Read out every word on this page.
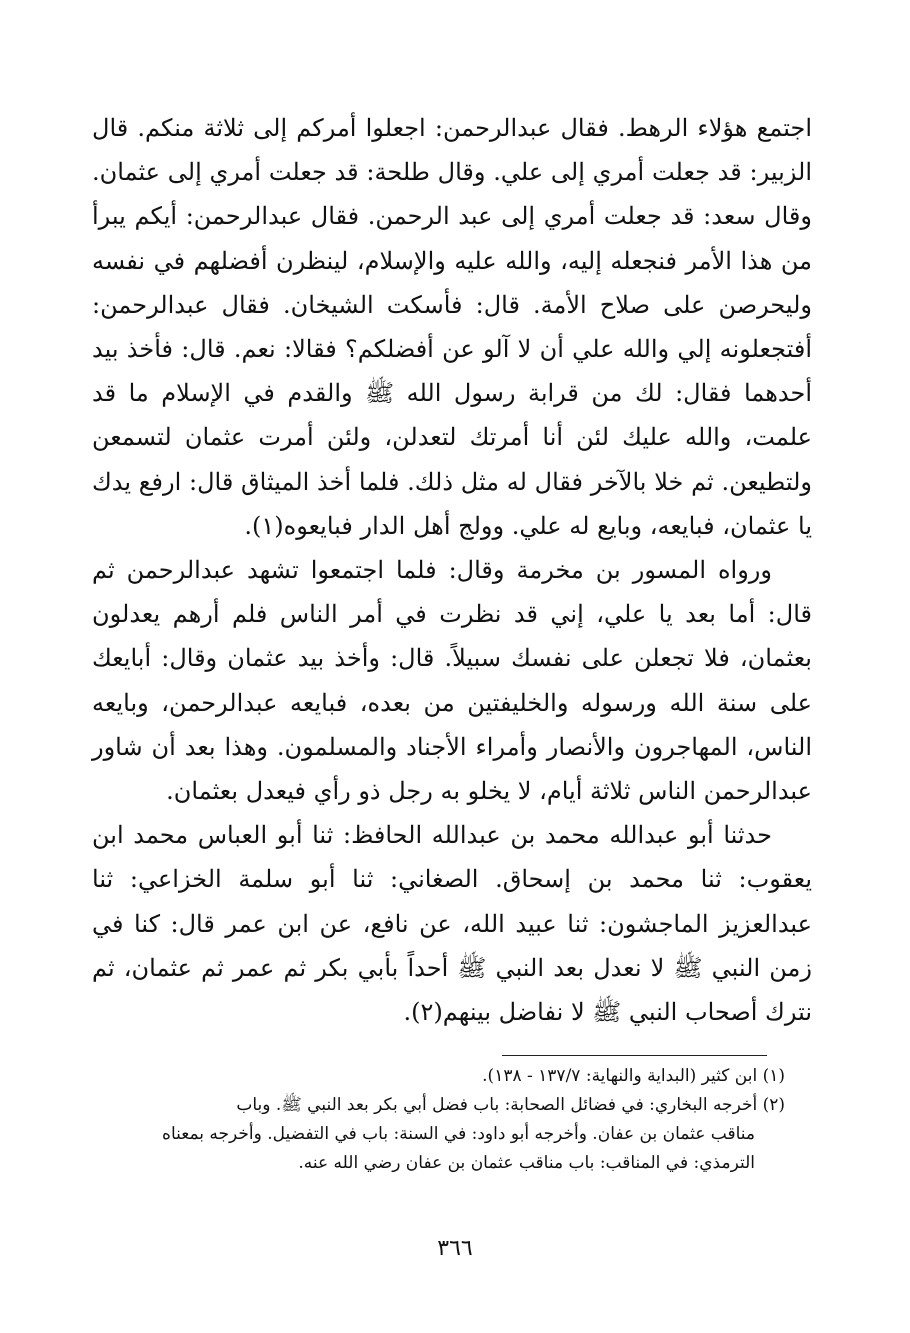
اجتمع هؤلاء الرهط. فقال عبدالرحمن: اجعلوا أمركم إلى ثلاثة منكم. قال الزبير: قد جعلت أمري إلى علي. وقال طلحة: قد جعلت أمري إلى عثمان. وقال سعد: قد جعلت أمري إلى عبد الرحمن. فقال عبدالرحمن: أيكم يبرأ من هذا الأمر فنجعله إليه، والله عليه والإسلام، لينظرن أفضلهم في نفسه وليحرصن على صلاح الأمة. قال: فأسكت الشيخان. فقال عبدالرحمن: أفتجعلونه إلي والله علي أن لا آلو عن أفضلكم؟ فقالا: نعم. قال: فأخذ بيد أحدهما فقال: لك من قرابة رسول الله ﷺ والقدم في الإسلام ما قد علمت، والله عليك لئن أنا أمرتك لتعدلن، ولئن أمرت عثمان لتسمعن ولتطيعن. ثم خلا بالآخر فقال له مثل ذلك. فلما أخذ الميثاق قال: ارفع يدك يا عثمان، فبايعه، وبايع له علي. وولج أهل الدار فبايعوه(١).

ورواه المسور بن مخرمة وقال: فلما اجتمعوا تشهد عبدالرحمن ثم قال: أما بعد يا علي، إني قد نظرت في أمر الناس فلم أرهم يعدلون بعثمان، فلا تجعلن على نفسك سبيلاً. قال: وأخذ بيد عثمان وقال: أبايعك على سنة الله ورسوله والخليفتين من بعده، فبايعه عبدالرحمن، وبايعه الناس، المهاجرون والأنصار وأمراء الأجناد والمسلمون. وهذا بعد أن شاور عبدالرحمن الناس ثلاثة أيام، لا يخلو به رجل ذو رأي فيعدل بعثمان.

حدثنا أبو عبدالله محمد بن عبدالله الحافظ: ثنا أبو العباس محمد ابن يعقوب: ثنا محمد بن إسحاق. الصغاني: ثنا أبو سلمة الخزاعي: ثنا عبدالعزيز الماجشون: ثنا عبيد الله، عن نافع، عن ابن عمر قال: كنا في زمن النبي ﷺ لا نعدل بعد النبي ﷺ أحداً بأبي بكر ثم عمر ثم عثمان، ثم نترك أصحاب النبي ﷺ لا نفاضل بينهم(٢).

(١) ابن كثير (البداية والنهاية: ١٣٧/٧ - ١٣٨).

(٢) أخرجه البخاري: في فضائل الصحابة: باب فضل أبي بكر بعد النبي ﷺ. وباب

مناقب عثمان بن عفان. وأخرجه أبو داود: في السنة: باب في التفضيل. وأخرجه بمعناه

الترمذي: في المناقب: باب مناقب عثمان بن عفان رضي الله عنه.

٣٦٦
